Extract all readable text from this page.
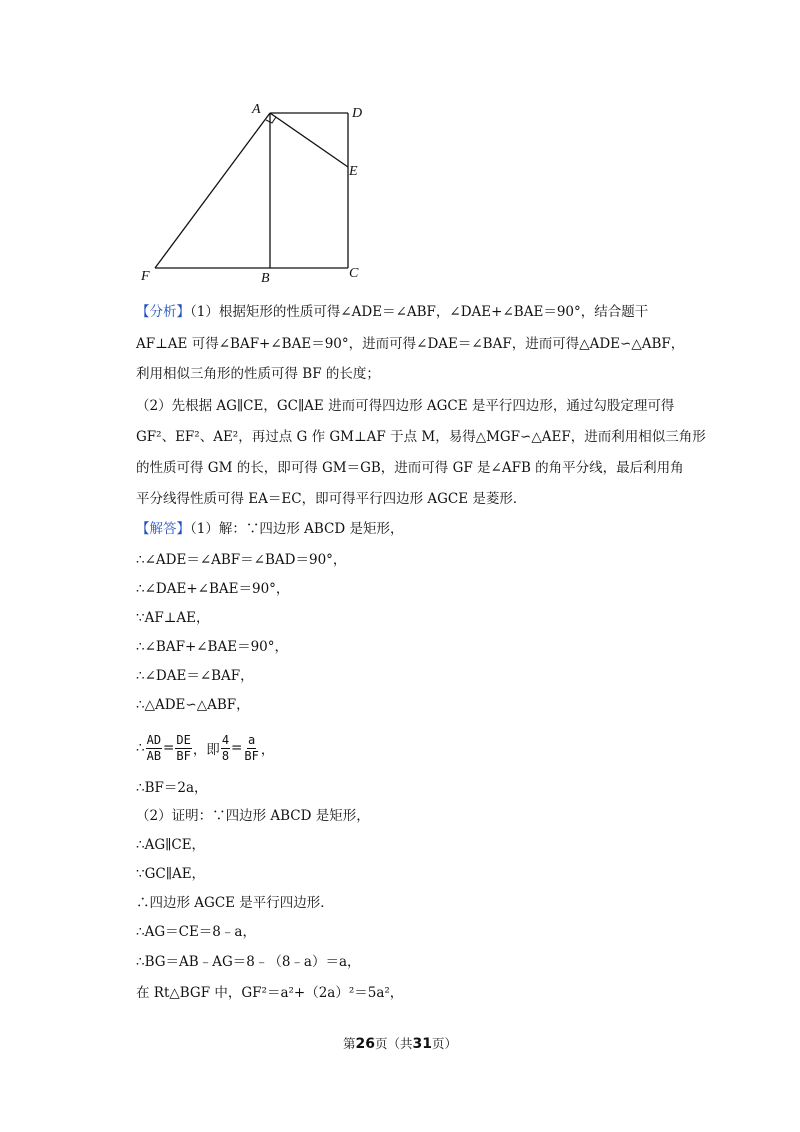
A	D
E
F	B	C
【分析】（1）根据矩形的性质可得∠ADE＝∠ABF，∠DAE+∠BAE＝90°，结合题干
AF⊥AE 可得∠BAF+∠BAE＝90°，进而可得∠DAE＝∠BAF，进而可得△ADE∽△ABF，
利用相似三角形的性质可得 BF 的长度；
（2）先根据 AG∥CE，GC∥AE 进而可得四边形 AGCE 是平行四边形，通过勾股定理可得
GF²、EF²、AE²，再过点 G 作 GM⊥AF 于点 M，易得△MGF∽△AEF，进而利用相似三角形
的性质可得 GM 的长，即可得 GM＝GB，进而可得 GF 是∠AFB 的角平分线，最后利用角
平分线得性质可得 EA＝EC，即可得平行四边形 AGCE 是菱形．
【解答】（1）解：∵四边形 ABCD 是矩形，
∴∠ADE＝∠ABF＝∠BAD＝90°，
∴∠DAE+∠BAE＝90°，
∵AF⊥AE，
∴∠BAF+∠BAE＝90°，
∴∠DAE＝∠BAF，
∴△ADE∽△ABF，
∴ $\frac{AD}{AB} = \frac{DE}{BF}$ ，即 $\frac{4}{8} = \frac{a}{BF}$ ，
∴BF＝2a，
（2）证明：∵四边形 ABCD 是矩形，
∴AG∥CE，
∵GC∥AE，
∴四边形 AGCE 是平行四边形．
∴AG＝CE＝8﹣a，
∴BG＝AB﹣AG＝8﹣（8﹣a）＝a，
在 Rt△BGF 中，GF²＝a²+（2a）²＝5a²，
第26页（共31页）
